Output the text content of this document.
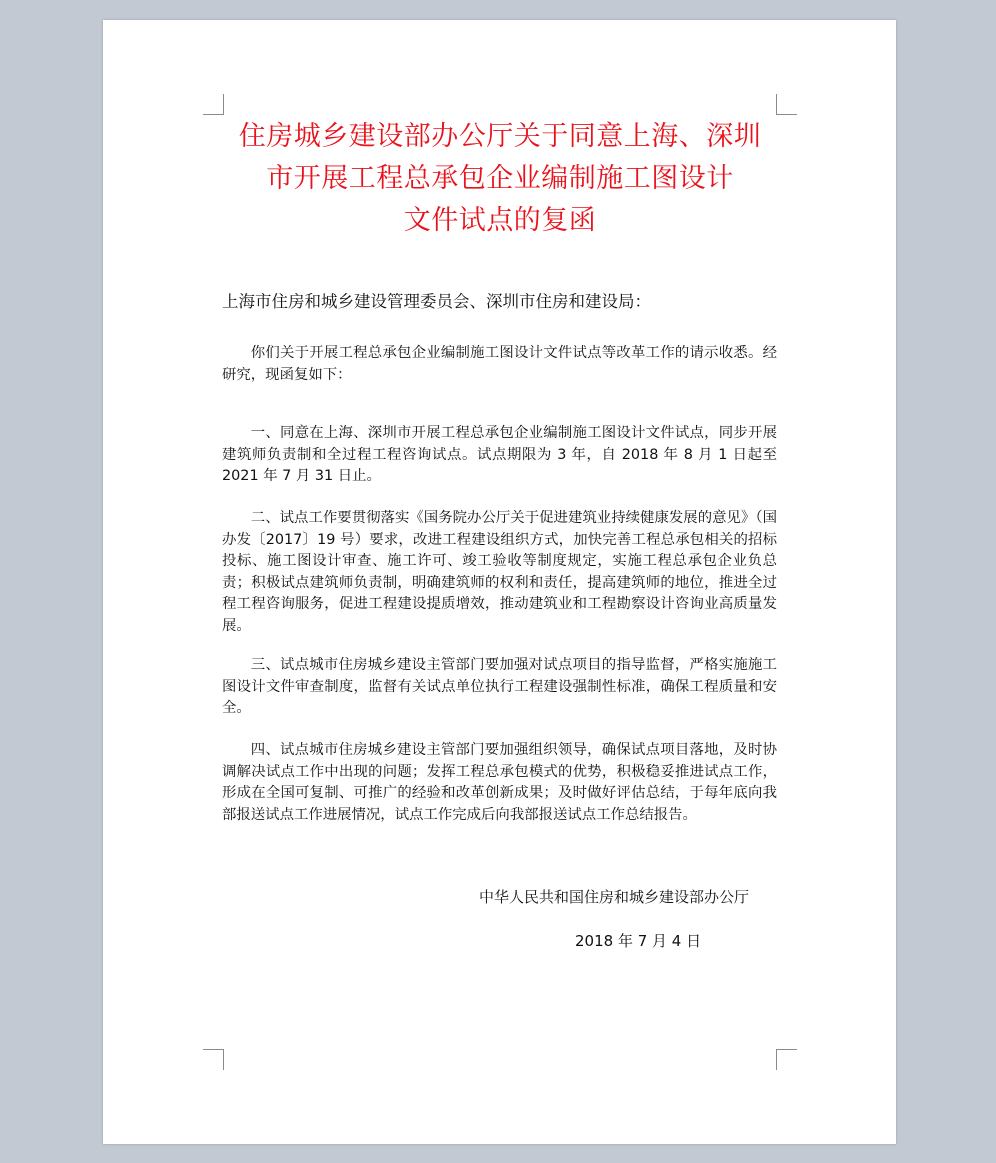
住房城乡建设部办公厅关于同意上海、深圳
市开展工程总承包企业编制施工图设计
文件试点的复函

上海市住房和城乡建设管理委员会、深圳市住房和建设局：

你们关于开展工程总承包企业编制施工图设计文件试点等改革工作的请示收悉。经研究，现函复如下：

一、同意在上海、深圳市开展工程总承包企业编制施工图设计文件试点，同步开展建筑师负责制和全过程工程咨询试点。试点期限为 3 年，自 2018 年 8 月 1 日起至 2021 年 7 月 31 日止。

二、试点工作要贯彻落实《国务院办公厅关于促进建筑业持续健康发展的意见》（国办发〔2017〕19 号）要求，改进工程建设组织方式，加快完善工程总承包相关的招标投标、施工图设计审查、施工许可、竣工验收等制度规定，实施工程总承包企业负总责；积极试点建筑师负责制，明确建筑师的权利和责任，提高建筑师的地位，推进全过程工程咨询服务，促进工程建设提质增效，推动建筑业和工程勘察设计咨询业高质量发展。

三、试点城市住房城乡建设主管部门要加强对试点项目的指导监督，严格实施施工图设计文件审查制度，监督有关试点单位执行工程建设强制性标准，确保工程质量和安全。

四、试点城市住房城乡建设主管部门要加强组织领导，确保试点项目落地，及时协调解决试点工作中出现的问题；发挥工程总承包模式的优势，积极稳妥推进试点工作，形成在全国可复制、可推广的经验和改革创新成果；及时做好评估总结，于每年底向我部报送试点工作进展情况，试点工作完成后向我部报送试点工作总结报告。

中华人民共和国住房和城乡建设部办公厅

2018 年 7 月 4 日
